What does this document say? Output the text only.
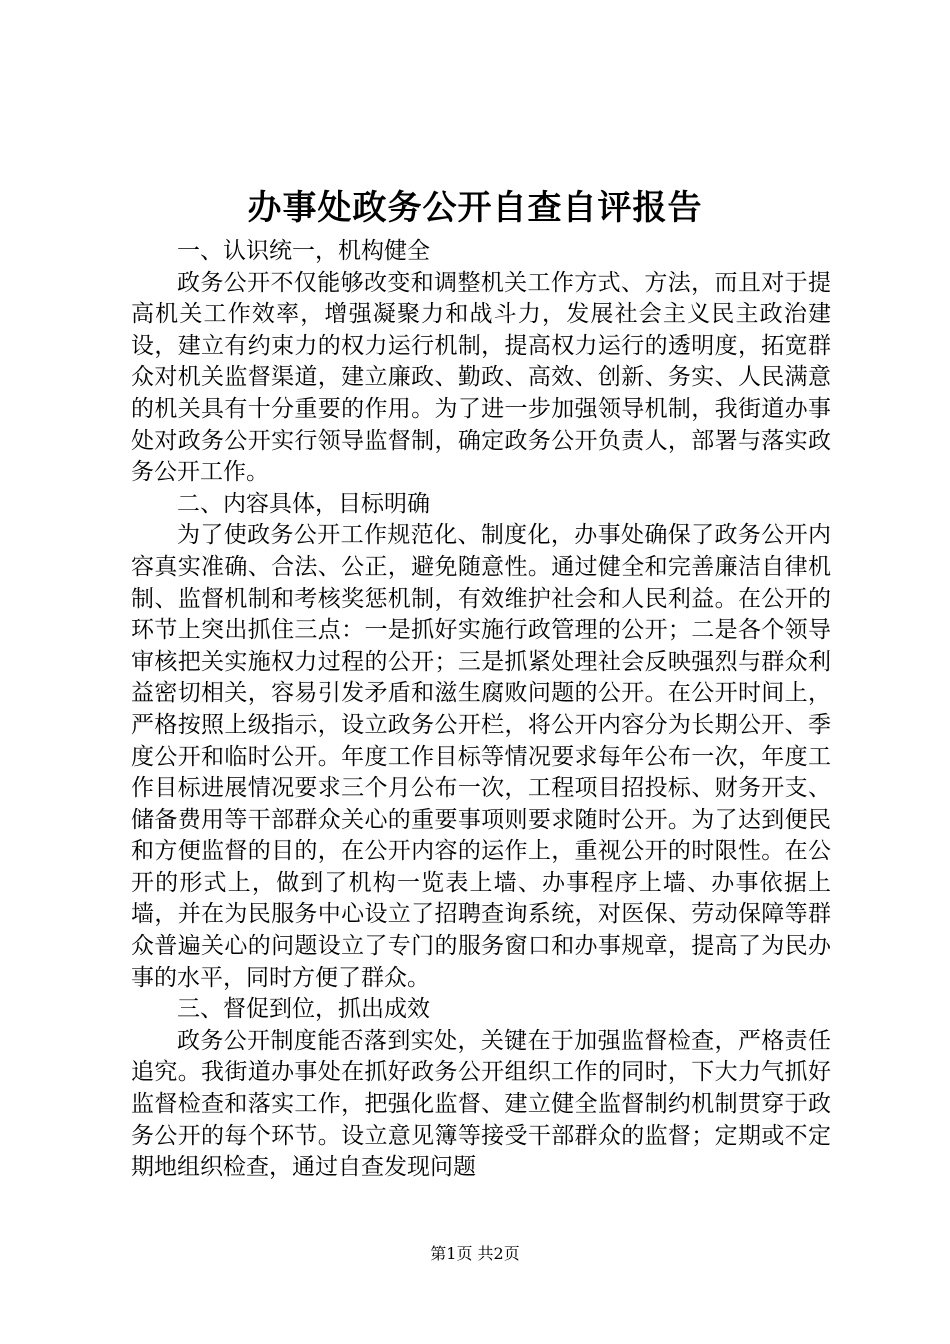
办事处政务公开自查自评报告

一、认识统一，机构健全

政务公开不仅能够改变和调整机关工作方式、方法，而且对于提高机关工作效率，增强凝聚力和战斗力，发展社会主义民主政治建设，建立有约束力的权力运行机制，提高权力运行的透明度，拓宽群众对机关监督渠道，建立廉政、勤政、高效、创新、务实、人民满意的机关具有十分重要的作用。为了进一步加强领导机制，我街道办事处对政务公开实行领导监督制，确定政务公开负责人，部署与落实政务公开工作。

二、内容具体，目标明确

为了使政务公开工作规范化、制度化，办事处确保了政务公开内容真实准确、合法、公正，避免随意性。通过健全和完善廉洁自律机制、监督机制和考核奖惩机制，有效维护社会和人民利益。在公开的环节上突出抓住三点：一是抓好实施行政管理的公开；二是各个领导审核把关实施权力过程的公开；三是抓紧处理社会反映强烈与群众利益密切相关，容易引发矛盾和滋生腐败问题的公开。在公开时间上，严格按照上级指示，设立政务公开栏，将公开内容分为长期公开、季度公开和临时公开。年度工作目标等情况要求每年公布一次，年度工作目标进展情况要求三个月公布一次，工程项目招投标、财务开支、储备费用等干部群众关心的重要事项则要求随时公开。为了达到便民和方便监督的目的，在公开内容的运作上，重视公开的时限性。在公开的形式上，做到了机构一览表上墙、办事程序上墙、办事依据上墙，并在为民服务中心设立了招聘查询系统，对医保、劳动保障等群众普遍关心的问题设立了专门的服务窗口和办事规章，提高了为民办事的水平，同时方便了群众。

三、督促到位，抓出成效

政务公开制度能否落到实处，关键在于加强监督检查，严格责任追究。我街道办事处在抓好政务公开组织工作的同时，下大力气抓好监督检查和落实工作，把强化监督、建立健全监督制约机制贯穿于政务公开的每个环节。设立意见簿等接受干部群众的监督；定期或不定期地组织检查，通过自查发现问题

第1页 共2页
